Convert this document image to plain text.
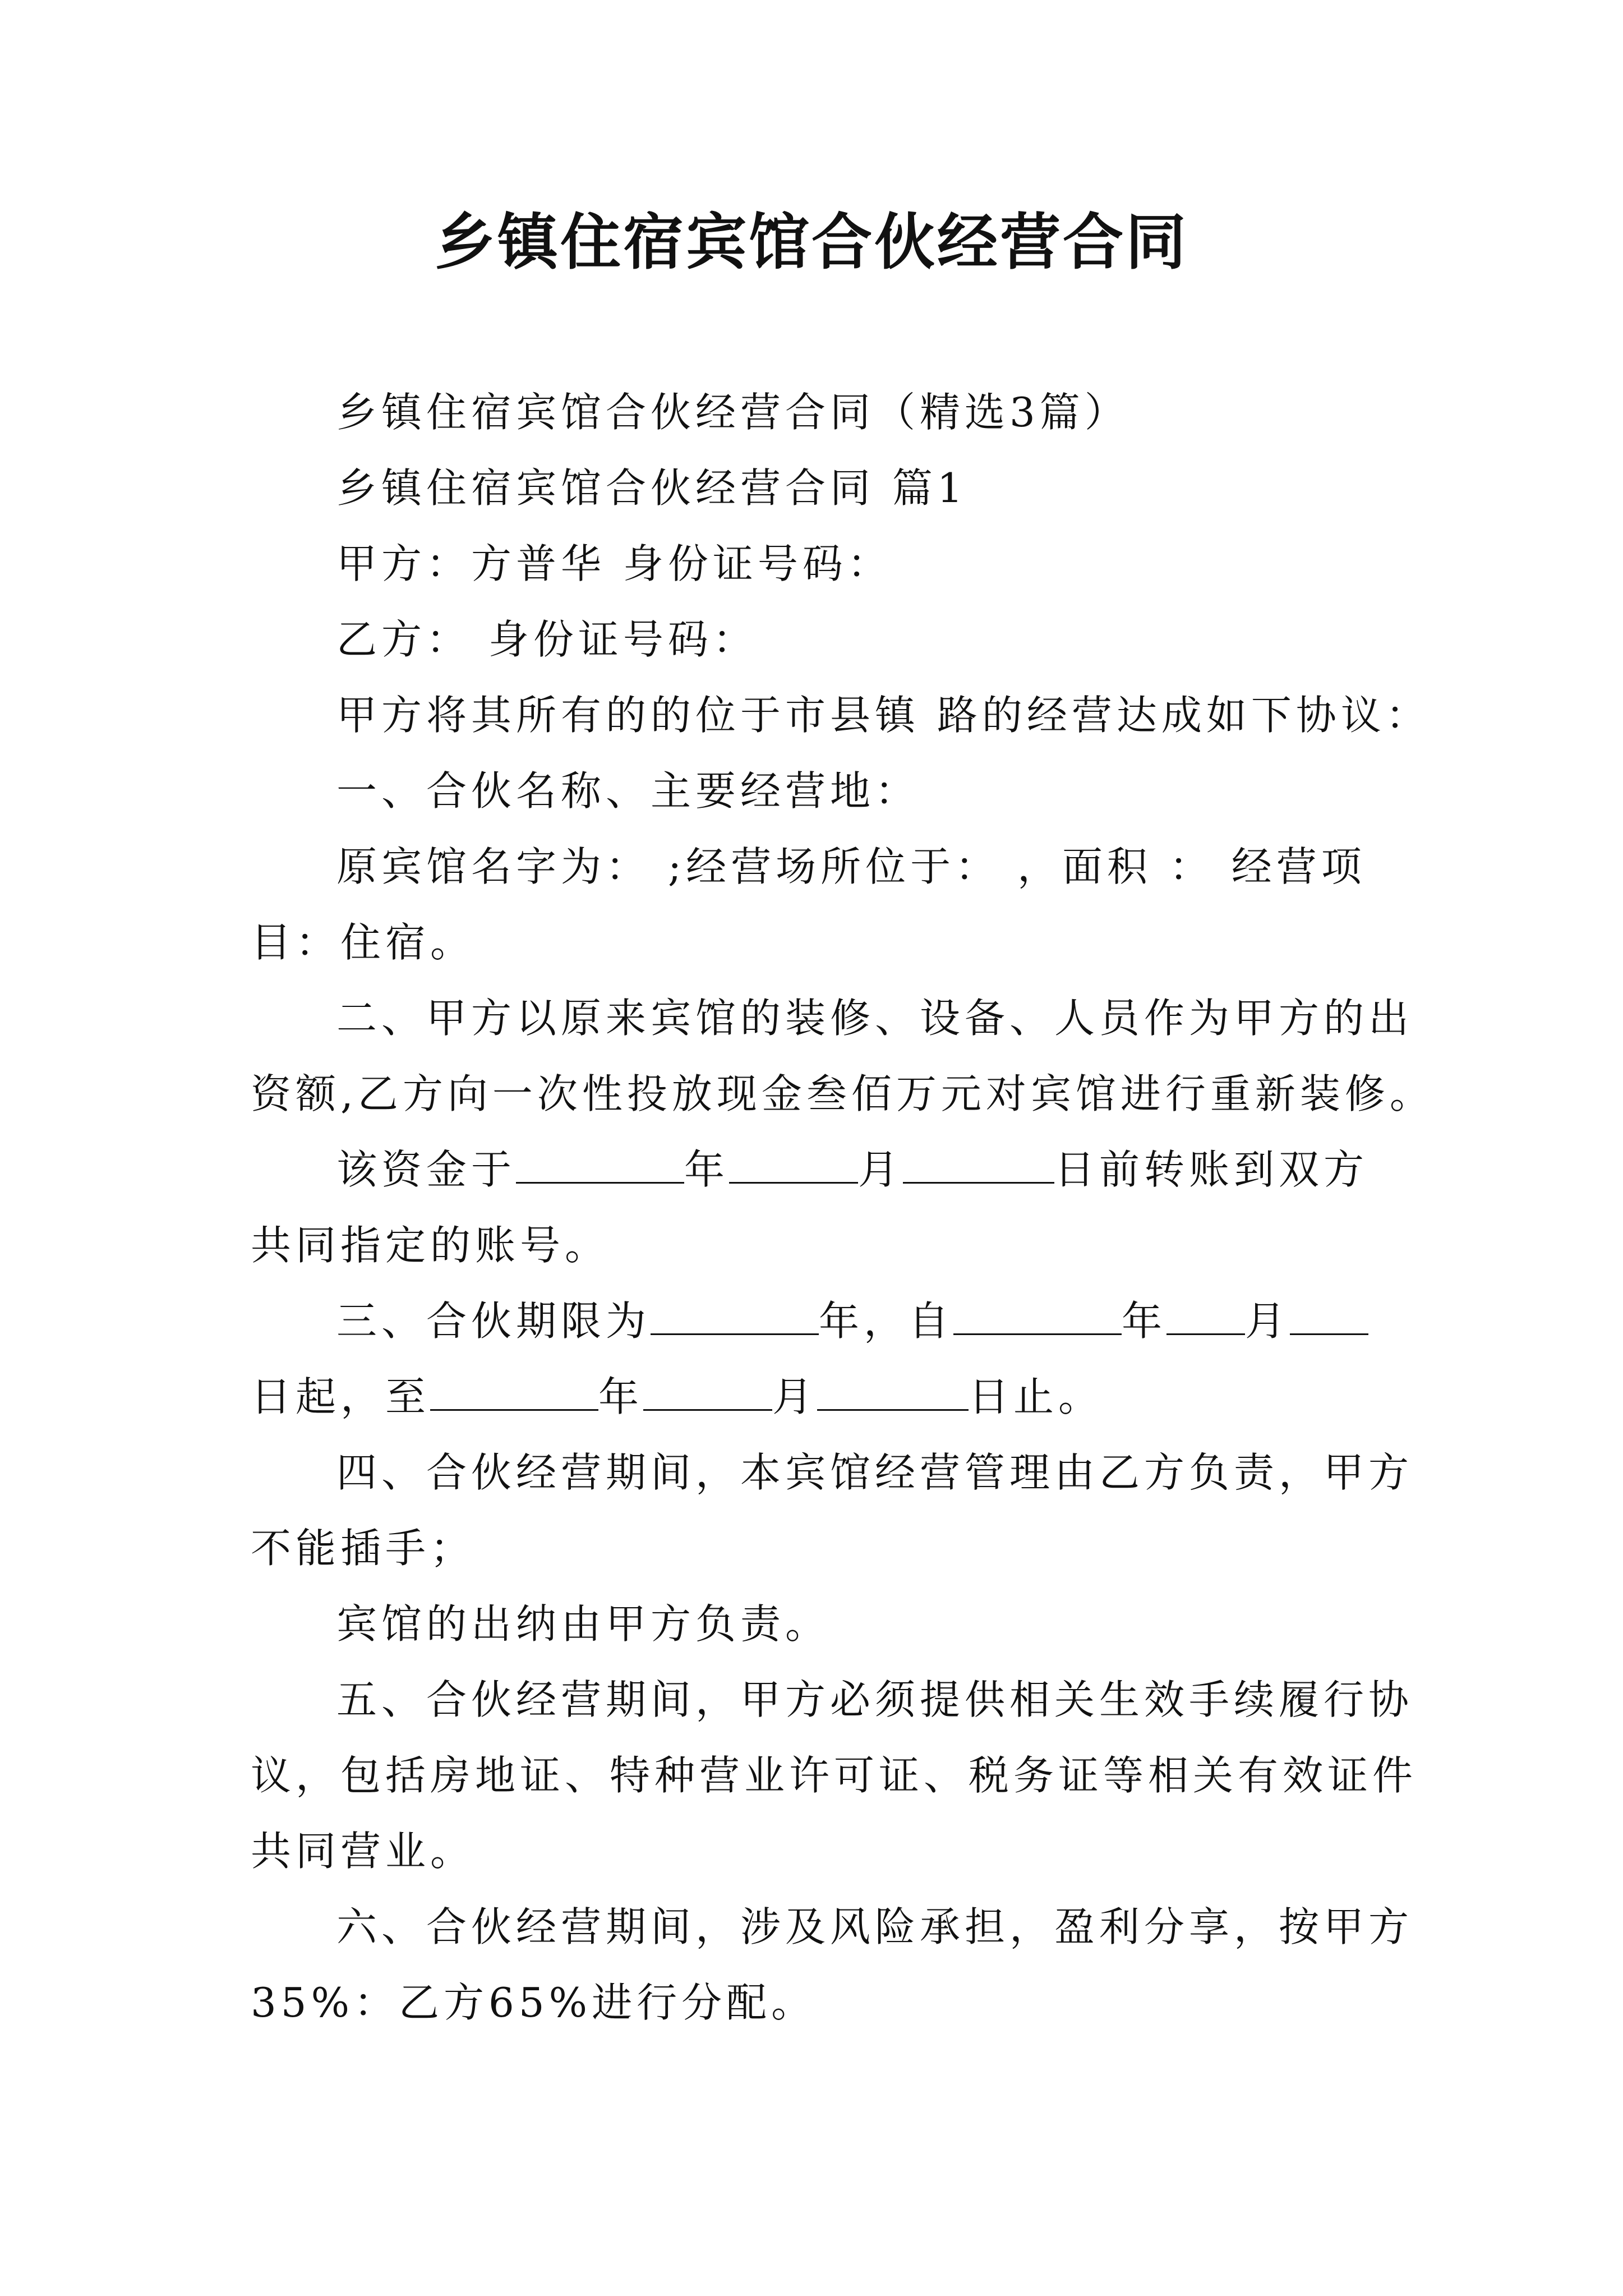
乡镇住宿宾馆合伙经营合同
乡镇住宿宾馆合伙经营合同（精选3篇）
乡镇住宿宾馆合伙经营合同 篇1
甲方：方普华 身份证号码：
乙方： 身份证号码：
甲方将其所有的的位于市县镇 路的经营达成如下协议：
一、合伙名称、主要经营地：
原宾馆名字为： ;经营场所位于： ，面积 ： 经营项
目：住宿。
二、甲方以原来宾馆的装修、设备、人员作为甲方的出
资额,乙方向一次性投放现金叁佰万元对宾馆进行重新装修。
该资金于	年	月	日前转账到双方
共同指定的账号。
三、合伙期限为	年，自	年 月
日起，至	年	月	日止。
四、合伙经营期间，本宾馆经营管理由乙方负责，甲方
不能插手；
宾馆的出纳由甲方负责。
五、合伙经营期间，甲方必须提供相关生效手续履行协
议，包括房地证、特种营业许可证、税务证等相关有效证件
共同营业。
六、合伙经营期间，涉及风险承担，盈利分享，按甲方
35%：乙方65%进行分配。
